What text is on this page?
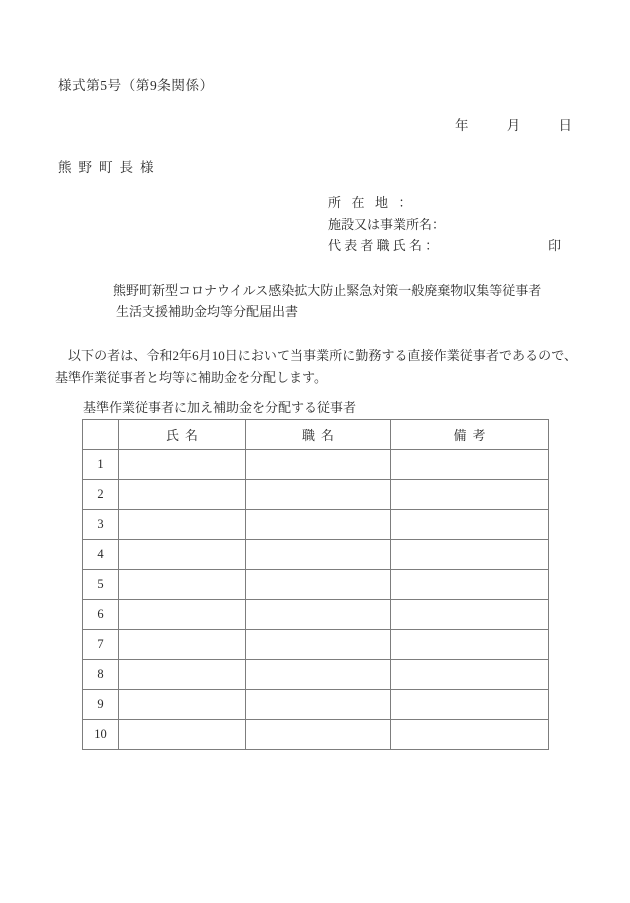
様式第5号（第9条関係）
年	月	日
熊野町長様
所在地：
施設又は事業所名：
代表者職氏名：	印
熊野町新型コロナウイルス感染拡大防止緊急対策一般廃棄物収集等従事者
生活支援補助金均等分配届出書
以下の者は、令和2年6月10日において当事業所に勤務する直接作業従事者であるので、基準作業従事者と均等に補助金を分配します。
基準作業従事者に加え補助金を分配する従事者
	氏名	職名	備考
1			
2			
3			
4			
5			
6			
7			
8			
9			
10			
